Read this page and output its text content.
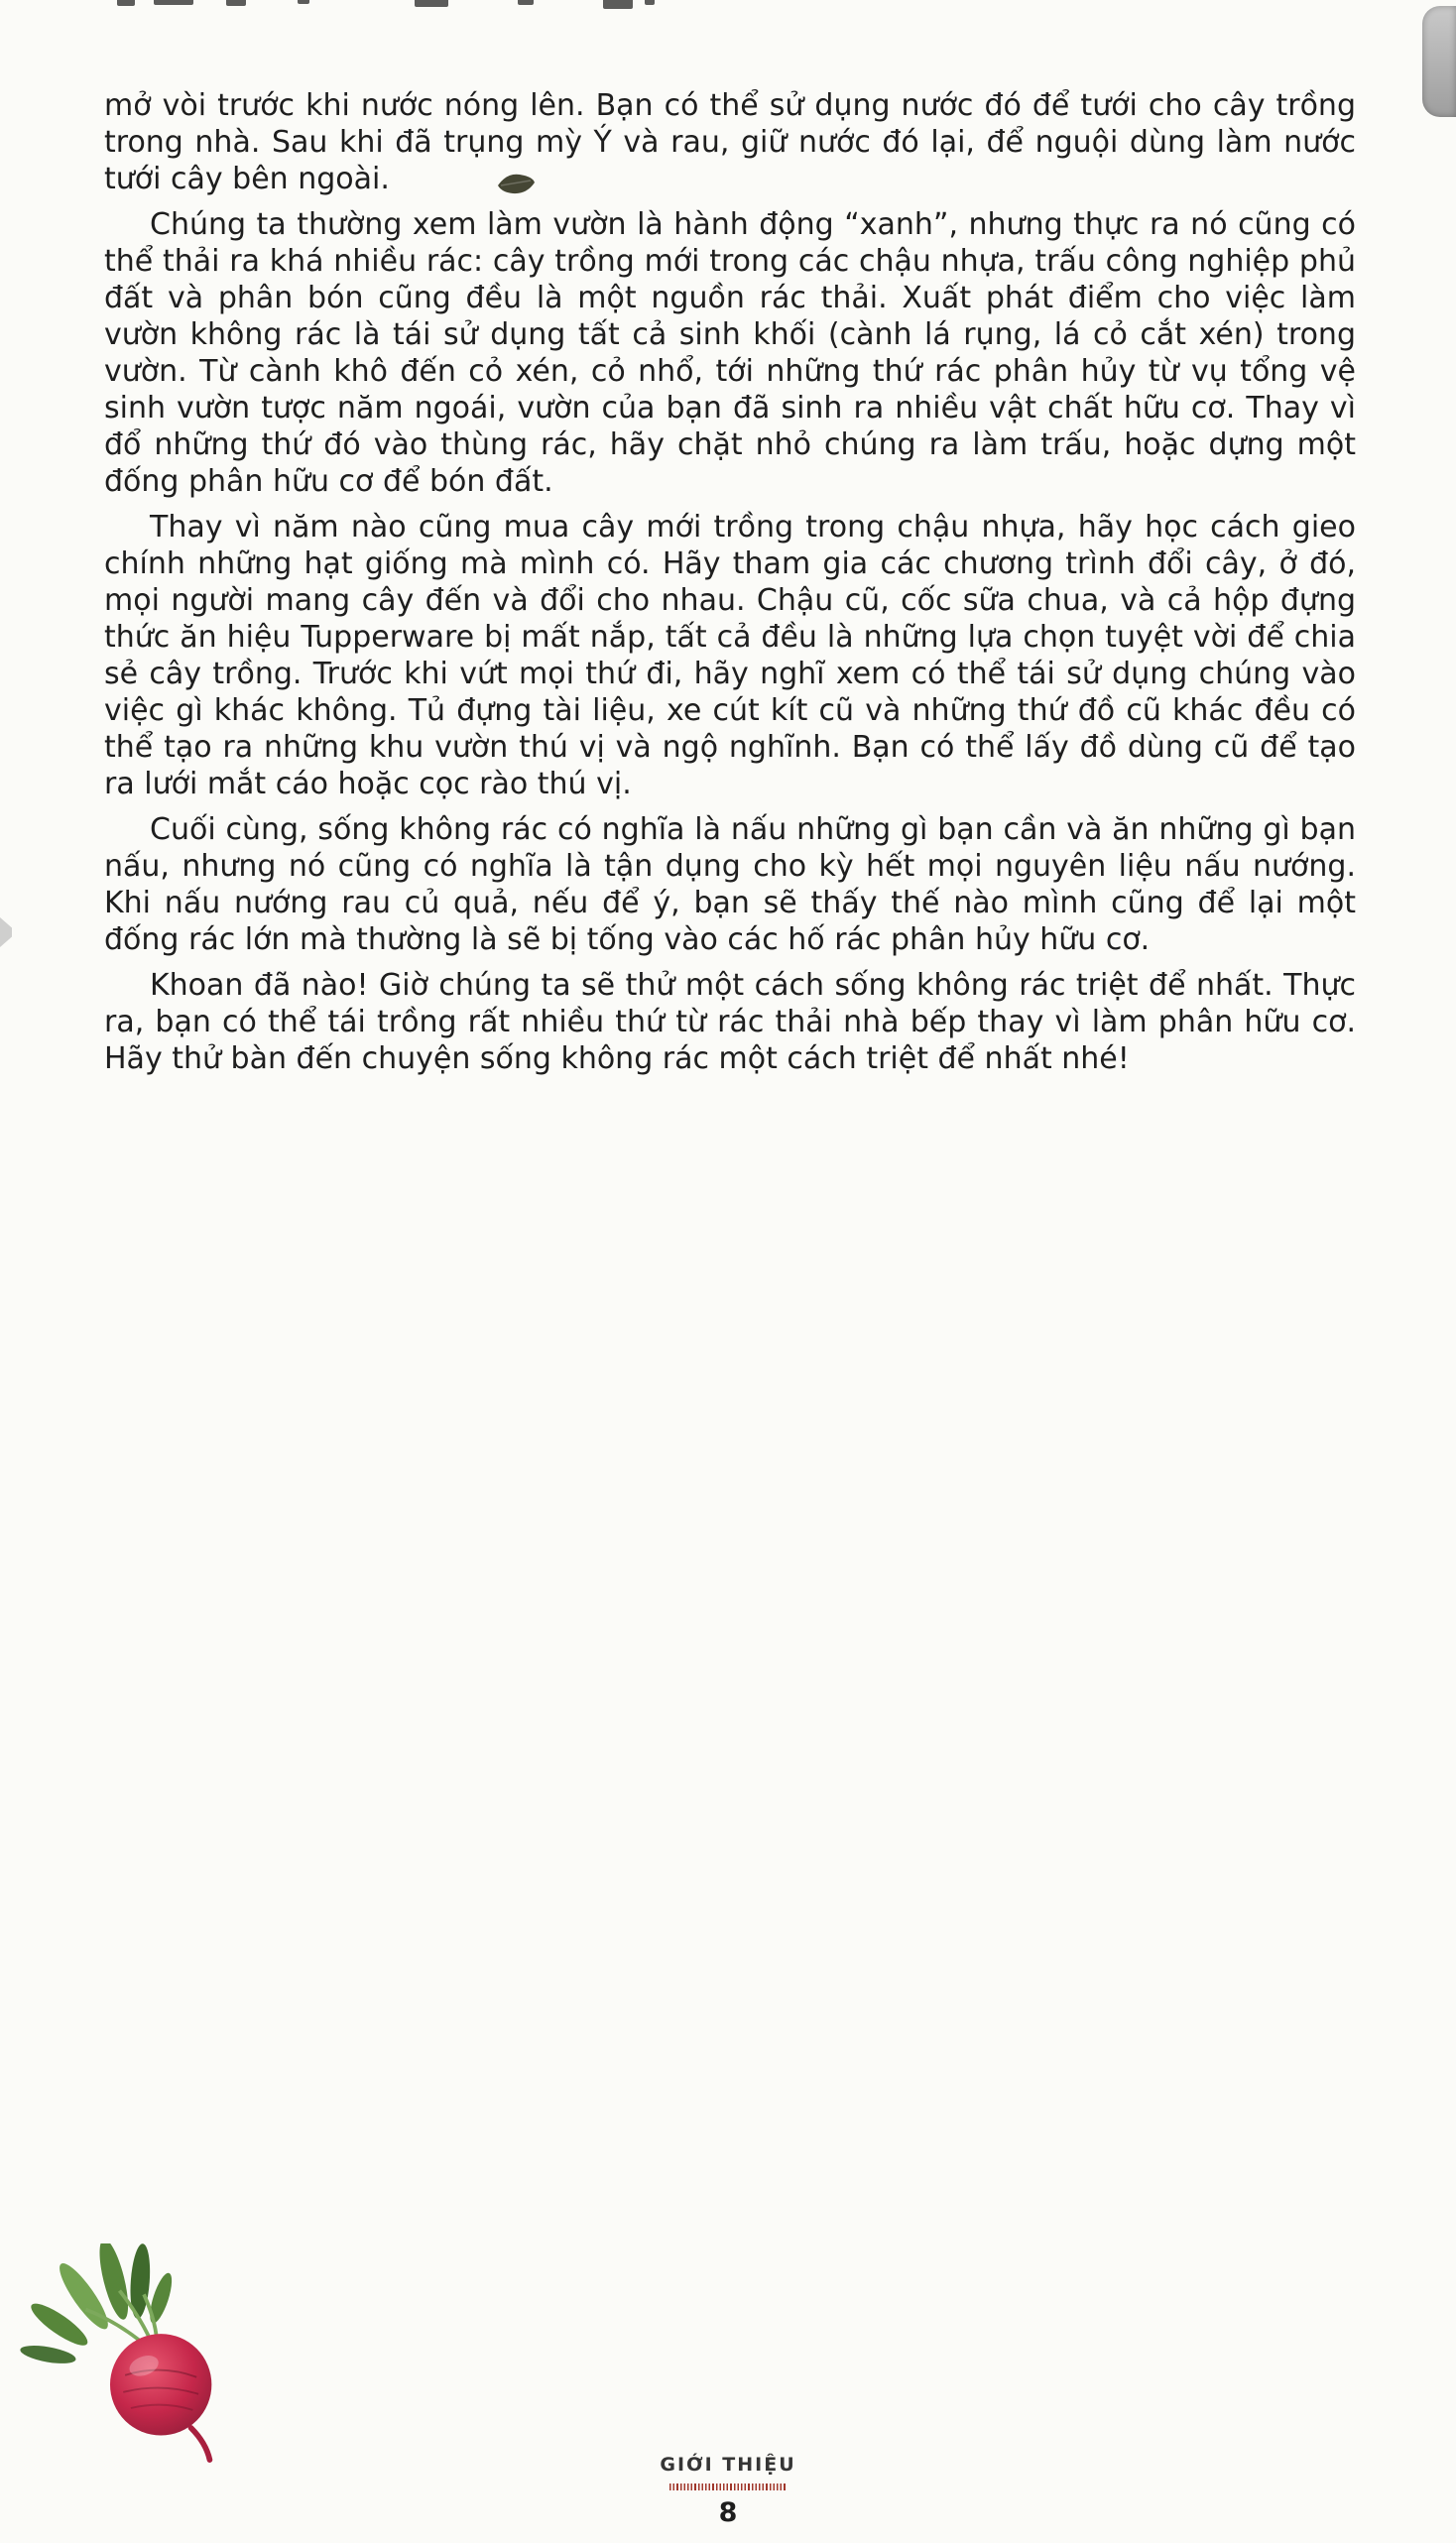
mở vòi trước khi nước nóng lên. Bạn có thể sử dụng nước đó để tưới cho cây trồng trong nhà. Sau khi đã trụng mỳ Ý và rau, giữ nước đó lại, để nguội dùng làm nước tưới cây bên ngoài.

Chúng ta thường xem làm vườn là hành động “xanh”, nhưng thực ra nó cũng có thể thải ra khá nhiều rác: cây trồng mới trong các chậu nhựa, trấu công nghiệp phủ đất và phân bón cũng đều là một nguồn rác thải. Xuất phát điểm cho việc làm vườn không rác là tái sử dụng tất cả sinh khối (cành lá rụng, lá cỏ cắt xén) trong vườn. Từ cành khô đến cỏ xén, cỏ nhổ, tới những thứ rác phân hủy từ vụ tổng vệ sinh vườn tược năm ngoái, vườn của bạn đã sinh ra nhiều vật chất hữu cơ. Thay vì đổ những thứ đó vào thùng rác, hãy chặt nhỏ chúng ra làm trấu, hoặc dựng một đống phân hữu cơ để bón đất.

Thay vì năm nào cũng mua cây mới trồng trong chậu nhựa, hãy học cách gieo chính những hạt giống mà mình có. Hãy tham gia các chương trình đổi cây, ở đó, mọi người mang cây đến và đổi cho nhau. Chậu cũ, cốc sữa chua, và cả hộp đựng thức ăn hiệu Tupperware bị mất nắp, tất cả đều là những lựa chọn tuyệt vời để chia sẻ cây trồng. Trước khi vứt mọi thứ đi, hãy nghĩ xem có thể tái sử dụng chúng vào việc gì khác không. Tủ đựng tài liệu, xe cút kít cũ và những thứ đồ cũ khác đều có thể tạo ra những khu vườn thú vị và ngộ nghĩnh. Bạn có thể lấy đồ dùng cũ để tạo ra lưới mắt cáo hoặc cọc rào thú vị.

Cuối cùng, sống không rác có nghĩa là nấu những gì bạn cần và ăn những gì bạn nấu, nhưng nó cũng có nghĩa là tận dụng cho kỳ hết mọi nguyên liệu nấu nướng. Khi nấu nướng rau củ quả, nếu để ý, bạn sẽ thấy thế nào mình cũng để lại một đống rác lớn mà thường là sẽ bị tống vào các hố rác phân hủy hữu cơ.

Khoan đã nào! Giờ chúng ta sẽ thử một cách sống không rác triệt để nhất. Thực ra, bạn có thể tái trồng rất nhiều thứ từ rác thải nhà bếp thay vì làm phân hữu cơ. Hãy thử bàn đến chuyện sống không rác một cách triệt để nhất nhé!

GIỚI THIỆU
8
